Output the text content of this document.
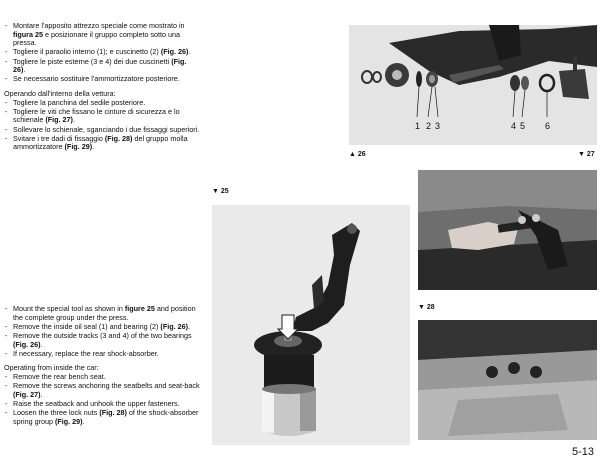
- Montare l'apposito attrezzo speciale come mostrato in figura 25 e posizionare il gruppo completo sotto una pressa.
- Togliere il paraolio interno (1); e cuscinetto (2) (Fig. 26).
- Togliere le piste esterne (3 e 4) dei due cuscinetti (Fig. 26).
- Se necessario sostituire l'ammortizzatore posteriore.

Operando dall'interno della vettura:

- Togliere la panchina del sedile posteriore.
- Togliere le viti che fissano le cinture di sicurezza e lo schienale (Fig. 27).
- Sollevare lo schienale, sganciando i due fissaggi superiori.
- Svitare i tre dadi di fissaggio (Fig. 28) del gruppo molla ammortizzatore (Fig. 29).
- Mount the special tool as shown in figure 25 and position the complete group under the press.
- Remove the inside oil seal (1) and bearing (2) (Fig. 26).
- Remove the outside tracks (3 and 4) of the two bearings (Fig. 26).
- If necessary, replace the rear shock-absorber.

Operating from inside the car:

- Remove the rear bench seat.
- Remove the screws anchoring the seatbelts and seat-back (Fig. 27).
- Raise the seatback and unhook the upper fasteners.
- Loosen the three lock nuts (Fig. 28) of the shock-absorber spring group (Fig. 29).
1 2 3	4 5 6
▲ 26	▼ 27
▼ 25
▼ 28
5-13
